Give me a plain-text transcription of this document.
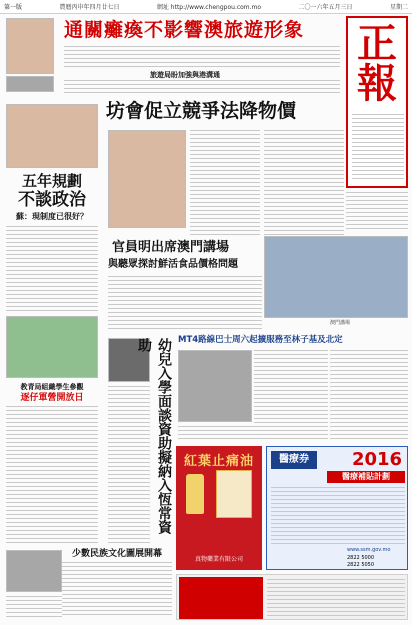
第一版	農曆丙申年四月廿七日	網址 http://www.chengpou.com.mo	二〇一六年五月三日	星期二
通關癱瘓不影響澳旅遊形象
旅遊局盼加強與港溝通
正
報
坊會促立競爭法降物價
五年規劃
不談政治
蘇：現制度已很好？
官員明出席澳門講場
與聽眾探討鮮活食品價格問題
澳門講場
教青局組織學生參觀
逐仔軍營開放日	幼兒入學面談資助擬納入恆常資助	MT4路線巴士周六起擴服務至林子基及北定
紅葉止痛油
真物藥業有限公司
醫療券	2016
醫療補貼計劃
www.ssm.gov.mo
2822 5000
2822 5050
少數民族文化圖展開幕
